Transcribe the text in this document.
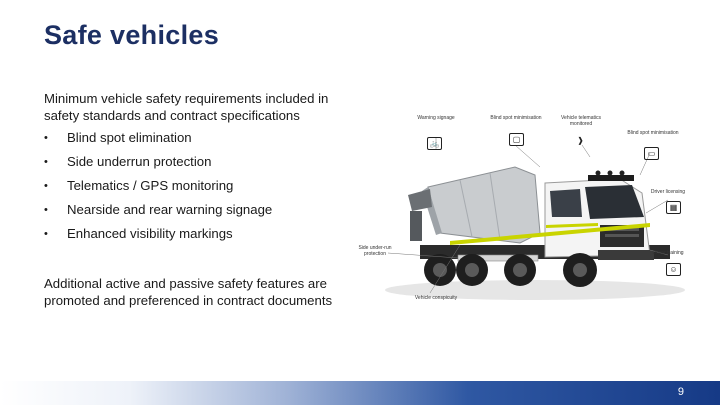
Safe vehicles
Minimum vehicle safety requirements included in safety standards and contract specifications
•	Blind spot elimination
•	Side underrun protection
•	Telematics / GPS monitoring
•	Nearside and rear warning signage
•	Enhanced visibility markings
Additional active and passive safety features are promoted and preferenced in contract documents
Warning signage
🚲
Blind spot minimisation
▢
Vehicle telematics monitored
❱
Blind spot minimisation
▭
Driver licensing
▦
Side under-run protection	Driver training
☺
Vehicle conspicuity
9
